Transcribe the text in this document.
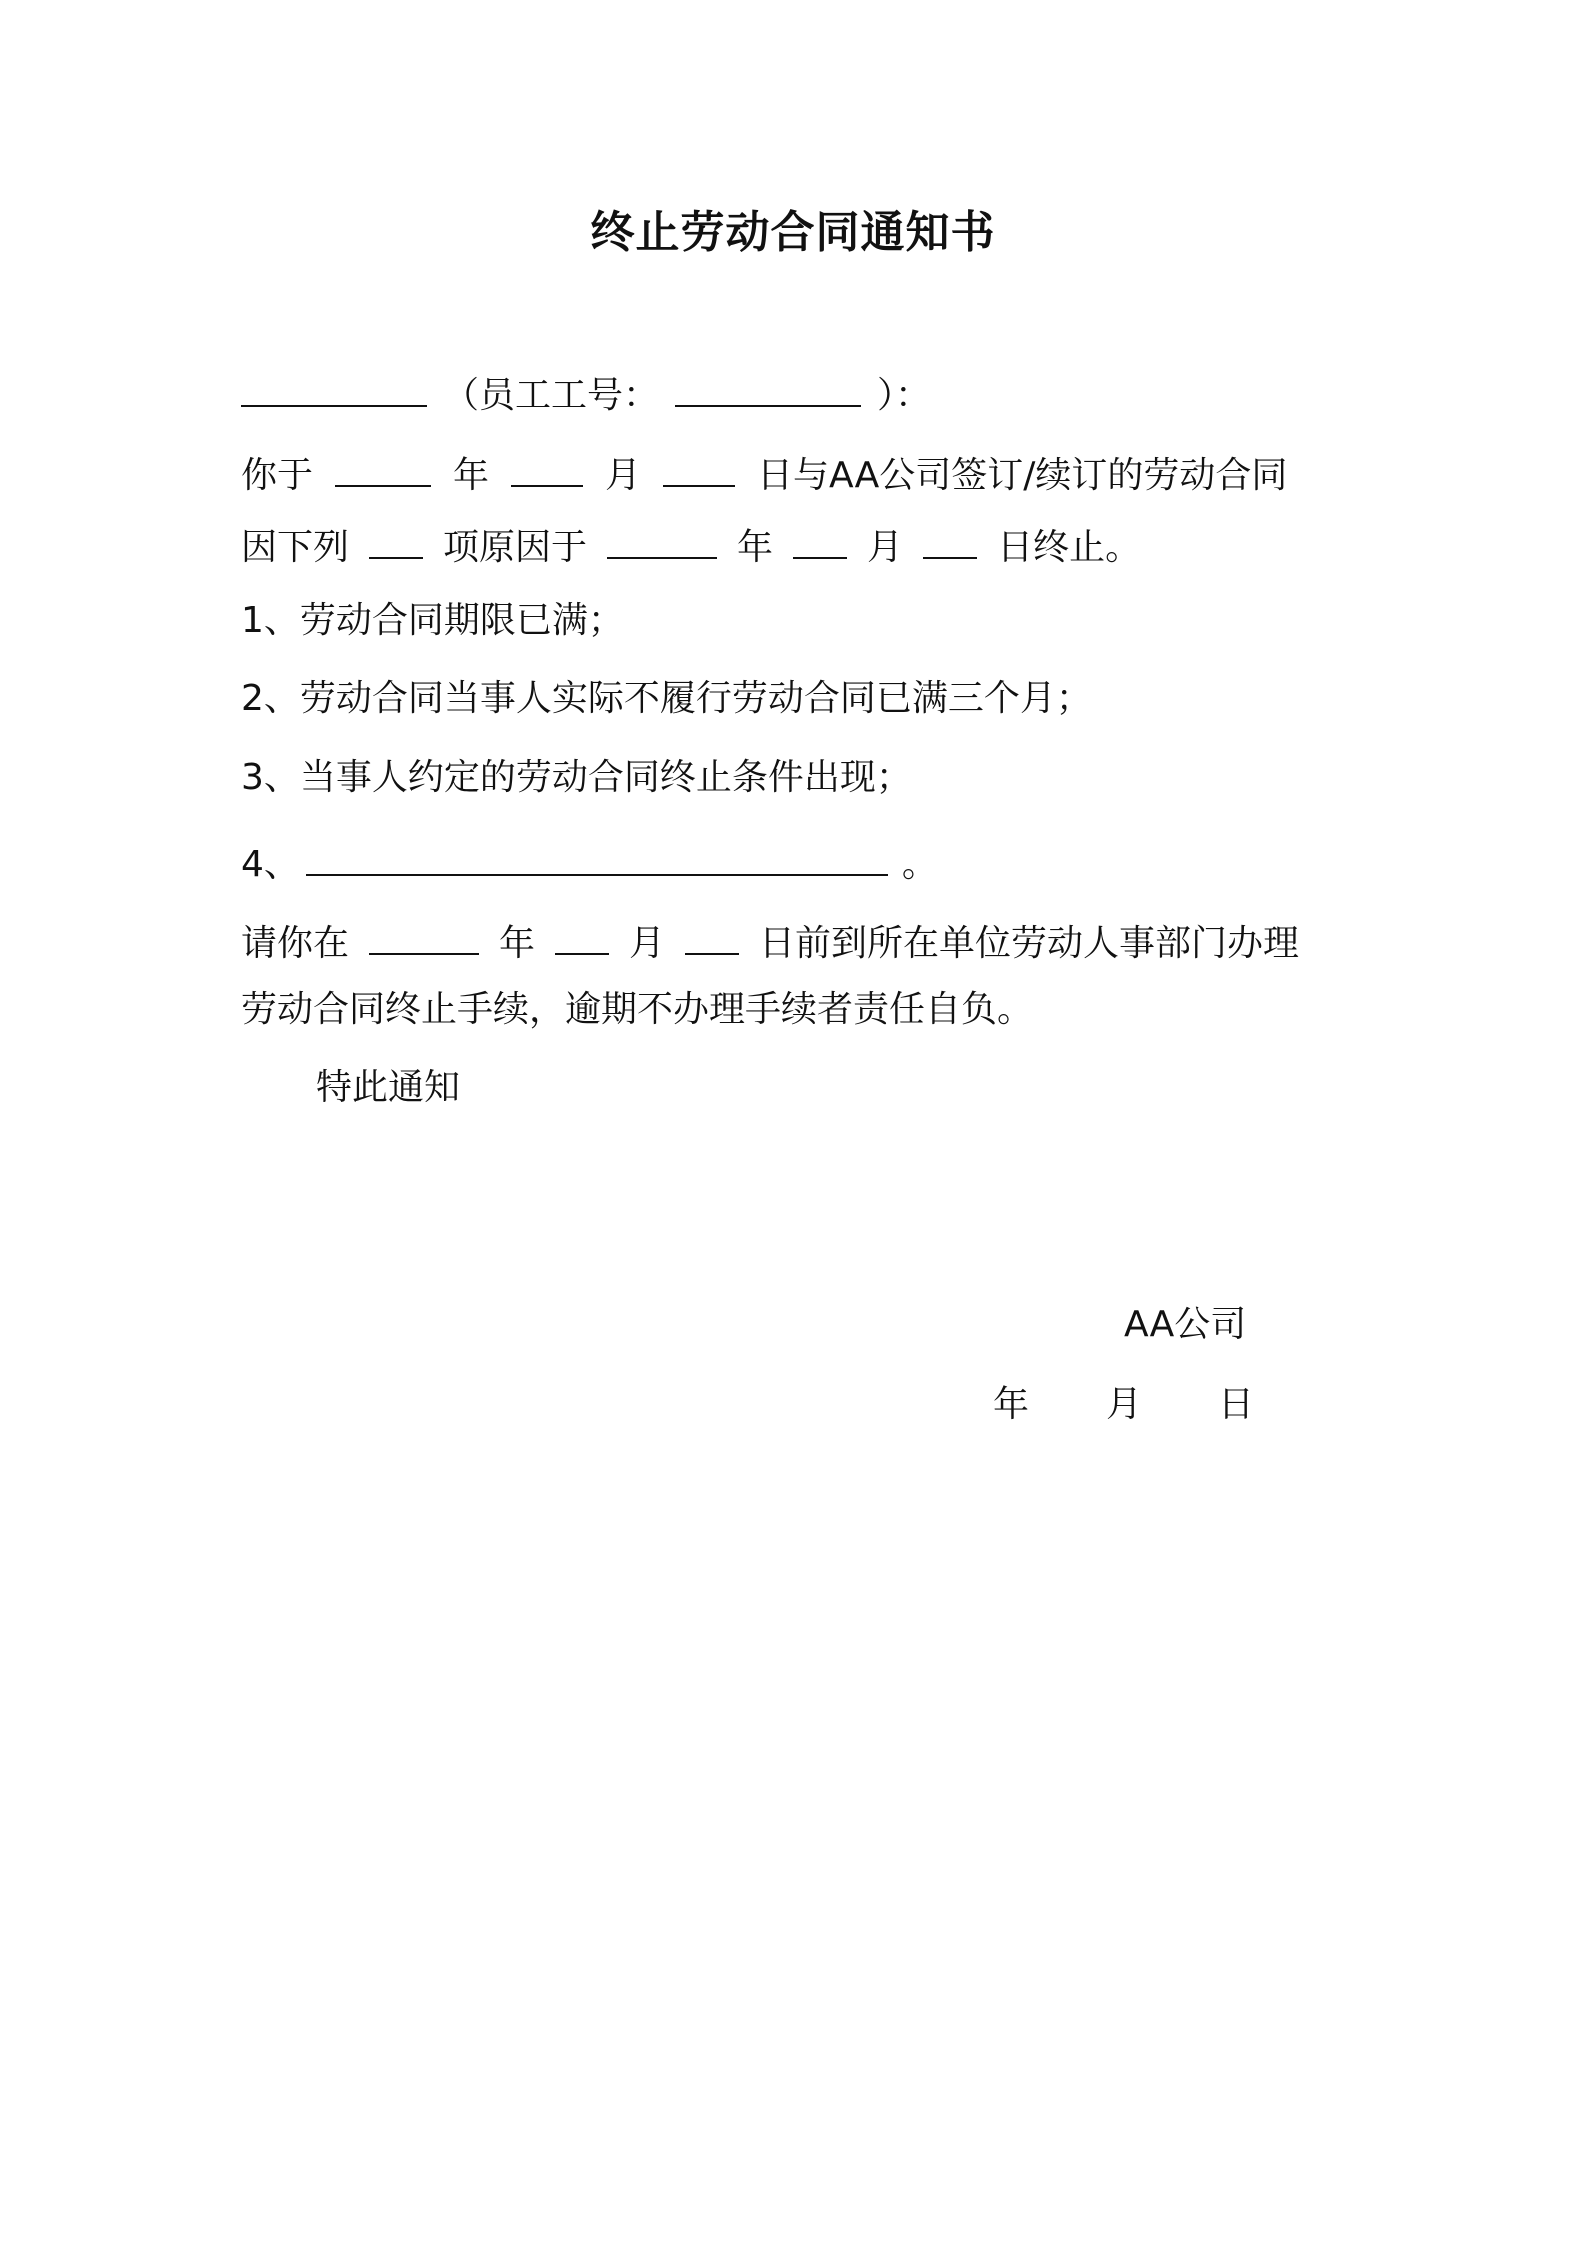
终止劳动合同通知书
（员工工号：	）：
你于	年	月	日与AA公司签订/续订的劳动合同
因下列	项原因于	年	月	日终止。
1、劳动合同期限已满；
2、劳动合同当事人实际不履行劳动合同已满三个月；
3、当事人约定的劳动合同终止条件出现；
4、	。
请你在	年	月	日前到所在单位劳动人事部门办理
劳动合同终止手续，逾期不办理手续者责任自负。
特此通知
AA公司
年 月 日
